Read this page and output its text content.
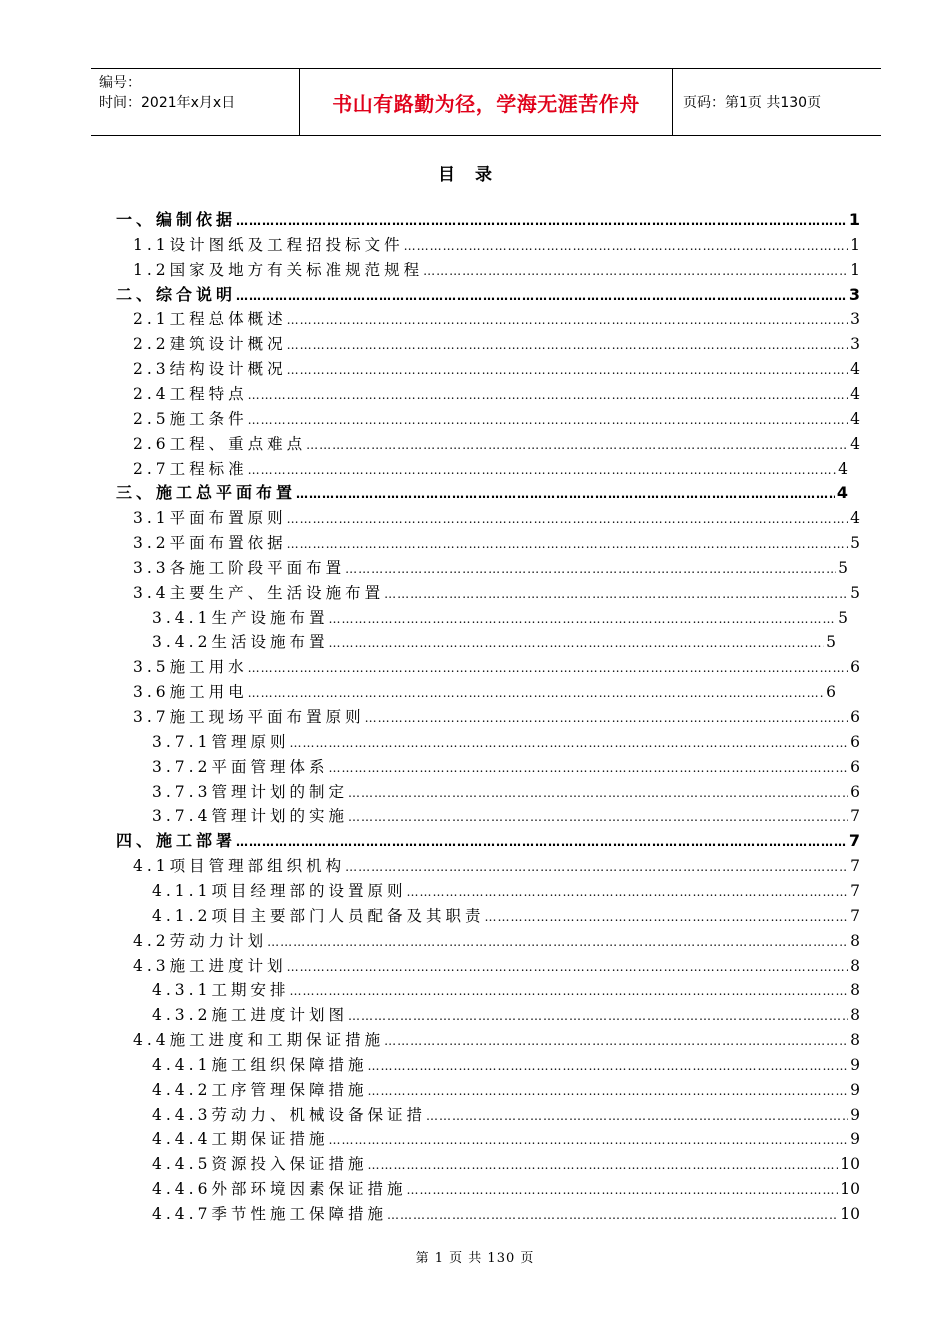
编号：
时间：2021年x月x日	书山有路勤为径，学海无涯苦作舟	页码：第1页 共130页
目录
一、编制依据 …………………………………………………………………………………………………………………………………………………………………………………………………………………………………	1
1.1设计图纸及工程招投标文件 …………………………………………………………………………………………………………………………………………………………………………………………………………………………………	1
1.2国家及地方有关标准规范规程 …………………………………………………………………………………………………………………………………………………………………………………………………………………………………	1
二、综合说明 …………………………………………………………………………………………………………………………………………………………………………………………………………………………………	3
2.1工程总体概述 …………………………………………………………………………………………………………………………………………………………………………………………………………………………………	3
2.2建筑设计概况 …………………………………………………………………………………………………………………………………………………………………………………………………………………………………	3
2.3结构设计概况 …………………………………………………………………………………………………………………………………………………………………………………………………………………………………	4
2.4工程特点 …………………………………………………………………………………………………………………………………………………………………………………………………………………………………	4
2.5施工条件 …………………………………………………………………………………………………………………………………………………………………………………………………………………………………	4
2.6工程、重点难点 …………………………………………………………………………………………………………………………………………………………………………………………………………………………………	4
2.7工程标准 …………………………………………………………………………………………………………………………………………………………………………………………………………………………………	4
三、施工总平面布置 …………………………………………………………………………………………………………………………………………………………………………………………………………………………………	4
3.1平面布置原则 …………………………………………………………………………………………………………………………………………………………………………………………………………………………………	4
3.2平面布置依据 …………………………………………………………………………………………………………………………………………………………………………………………………………………………………	5
3.3各施工阶段平面布置 …………………………………………………………………………………………………………………………………………………………………………………………………………………………………	5
3.4主要生产、生活设施布置 …………………………………………………………………………………………………………………………………………………………………………………………………………………………………	5
3.4.1生产设施布置 …………………………………………………………………………………………………………………………………………………………………………………………………………………………………	5
3.4.2生活设施布置 …………………………………………………………………………………………………………………………………………………………………………………………………………………………………	5
3.5施工用水 …………………………………………………………………………………………………………………………………………………………………………………………………………………………………	6
3.6施工用电 …………………………………………………………………………………………………………………………………………………………………………………………………………………………………	6
3.7施工现场平面布置原则 …………………………………………………………………………………………………………………………………………………………………………………………………………………………………	6
3.7.1管理原则 …………………………………………………………………………………………………………………………………………………………………………………………………………………………………	6
3.7.2平面管理体系 …………………………………………………………………………………………………………………………………………………………………………………………………………………………………	6
3.7.3管理计划的制定 …………………………………………………………………………………………………………………………………………………………………………………………………………………………………	6
3.7.4管理计划的实施 …………………………………………………………………………………………………………………………………………………………………………………………………………………………………	7
四、施工部署 …………………………………………………………………………………………………………………………………………………………………………………………………………………………………	7
4.1项目管理部组织机构 …………………………………………………………………………………………………………………………………………………………………………………………………………………………………	7
4.1.1项目经理部的设置原则 …………………………………………………………………………………………………………………………………………………………………………………………………………………………………	7
4.1.2项目主要部门人员配备及其职责 …………………………………………………………………………………………………………………………………………………………………………………………………………………………………	7
4.2劳动力计划 …………………………………………………………………………………………………………………………………………………………………………………………………………………………………	8
4.3施工进度计划 …………………………………………………………………………………………………………………………………………………………………………………………………………………………………	8
4.3.1工期安排 …………………………………………………………………………………………………………………………………………………………………………………………………………………………………	8
4.3.2施工进度计划图 …………………………………………………………………………………………………………………………………………………………………………………………………………………………………	8
4.4施工进度和工期保证措施 …………………………………………………………………………………………………………………………………………………………………………………………………………………………………	8
4.4.1施工组织保障措施 …………………………………………………………………………………………………………………………………………………………………………………………………………………………………	9
4.4.2工序管理保障措施 …………………………………………………………………………………………………………………………………………………………………………………………………………………………………	9
4.4.3劳动力、机械设备保证措 …………………………………………………………………………………………………………………………………………………………………………………………………………………………………	9
4.4.4工期保证措施 …………………………………………………………………………………………………………………………………………………………………………………………………………………………………	9
4.4.5资源投入保证措施 …………………………………………………………………………………………………………………………………………………………………………………………………………………………………	10
4.4.6外部环境因素保证措施 …………………………………………………………………………………………………………………………………………………………………………………………………………………………………	10
4.4.7季节性施工保障措施 …………………………………………………………………………………………………………………………………………………………………………………………………………………………………	10
第 1 页 共 130 页
